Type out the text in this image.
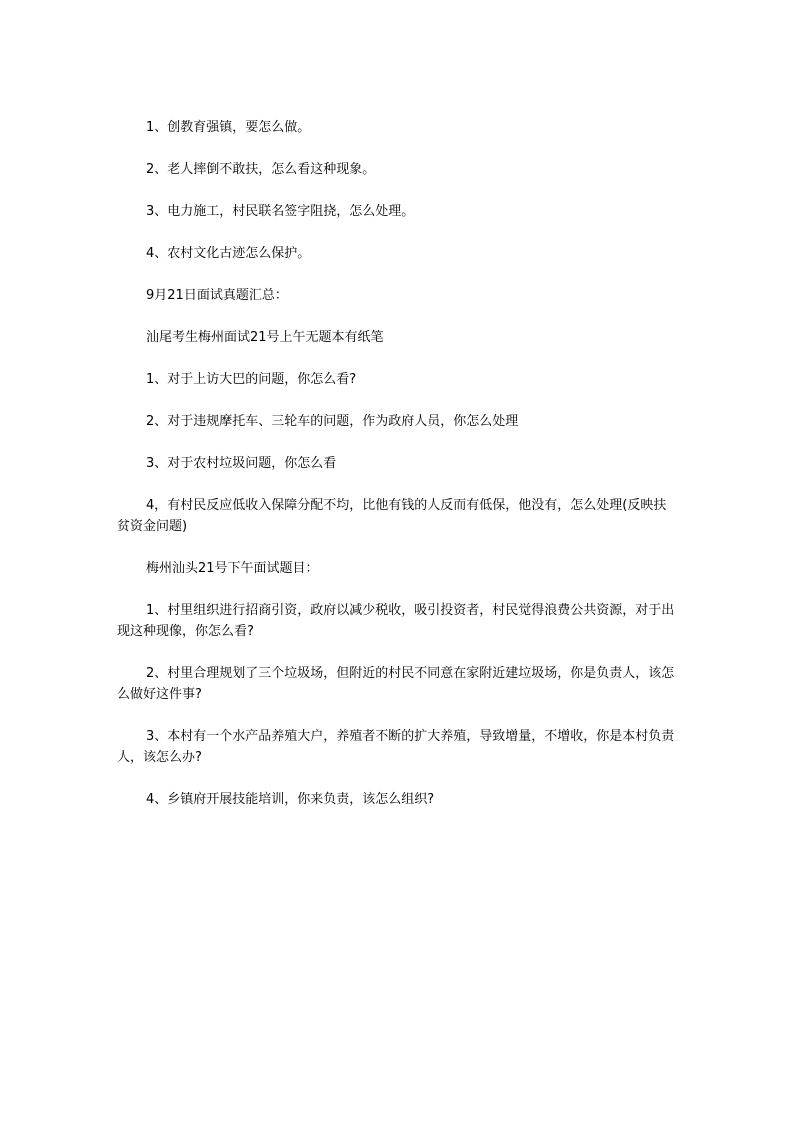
1、创教育强镇，要怎么做。

2、老人摔倒不敢扶，怎么看这种现象。

3、电力施工，村民联名签字阻挠，怎么处理。

4、农村文化古迹怎么保护。

9月21日面试真题汇总：

汕尾考生梅州面试21号上午无题本有纸笔

1、对于上访大巴的问题，你怎么看?

2、对于违规摩托车、三轮车的问题，作为政府人员，你怎么处理

3、对于农村垃圾问题，你怎么看

4，有村民反应低收入保障分配不均，比他有钱的人反而有低保，他没有，怎么处理(反映扶贫资金问题)

梅州汕头21号下午面试题目：

1、村里组织进行招商引资，政府以减少税收，吸引投资者，村民觉得浪费公共资源，对于出现这种现像，你怎么看?

2、村里合理规划了三个垃圾场，但附近的村民不同意在家附近建垃圾场，你是负责人，该怎么做好这件事?

3、本村有一个水产品养殖大户，养殖者不断的扩大养殖，导致增量，不增收，你是本村负责人，该怎么办?

4、乡镇府开展技能培训，你来负责，该怎么组织?
